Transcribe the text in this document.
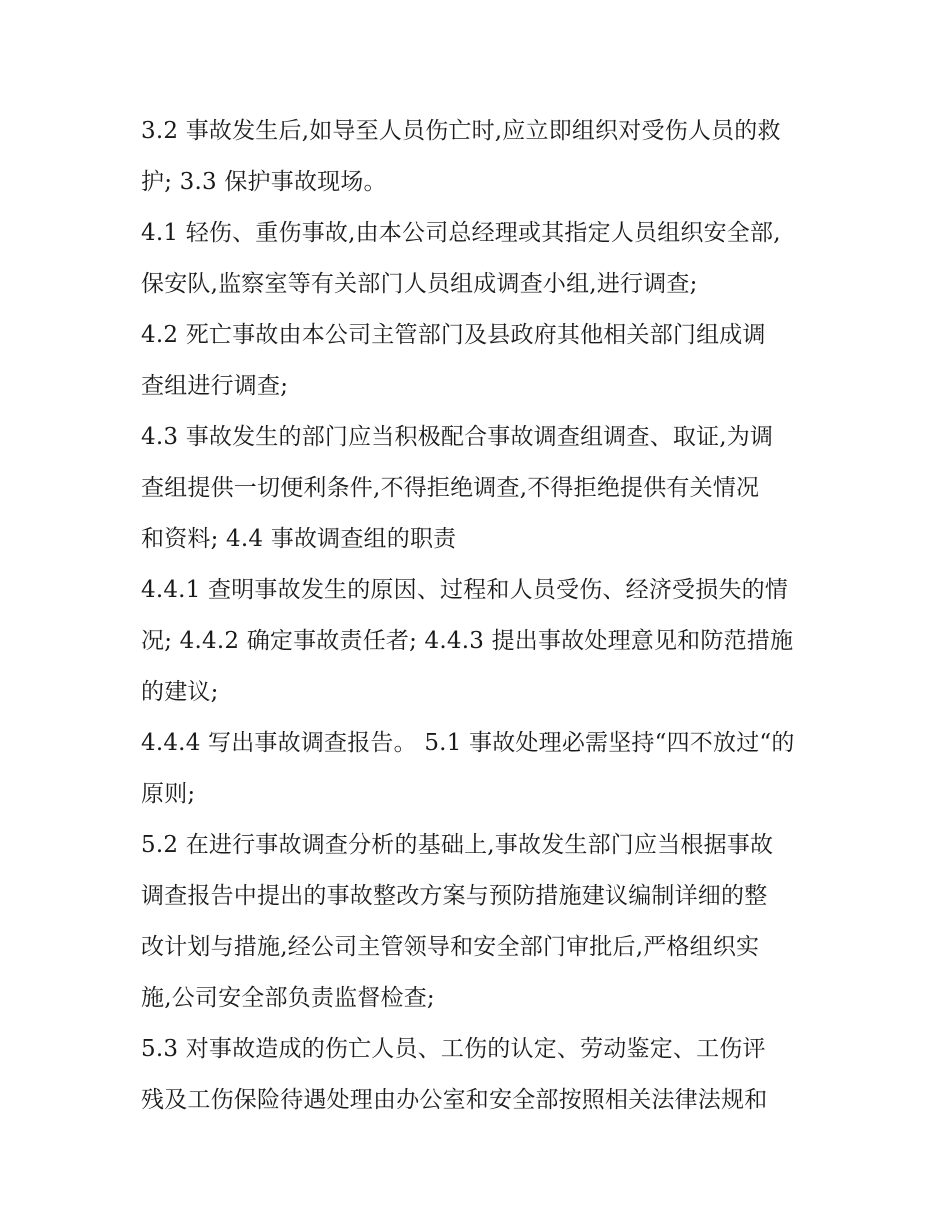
3.2 事故发生后,如导至人员伤亡时,应立即组织对受伤人员的救
护; 3.3 保护事故现场。
4.1 轻伤、重伤事故,由本公司总经理或其指定人员组织安全部,
保安队,监察室等有关部门人员组成调查小组,进行调查;
4.2 死亡事故由本公司主管部门及县政府其他相关部门组成调
查组进行调查;
4.3 事故发生的部门应当积极配合事故调查组调查、取证,为调
查组提供一切便利条件,不得拒绝调查,不得拒绝提供有关情况
和资料; 4.4 事故调查组的职责
4.4.1 查明事故发生的原因、过程和人员受伤、经济受损失的情
况; 4.4.2 确定事故责任者; 4.4.3 提出事故处理意见和防范措施
的建议;
4.4.4 写出事故调查报告。 5.1 事故处理必需坚持“四不放过“的
原则;
5.2 在进行事故调查分析的基础上,事故发生部门应当根据事故
调查报告中提出的事故整改方案与预防措施建议编制详细的整
改计划与措施,经公司主管领导和安全部门审批后,严格组织实
施,公司安全部负责监督检查;
5.3 对事故造成的伤亡人员、工伤的认定、劳动鉴定、工伤评
残及工伤保险待遇处理由办公室和安全部按照相关法律法规和
